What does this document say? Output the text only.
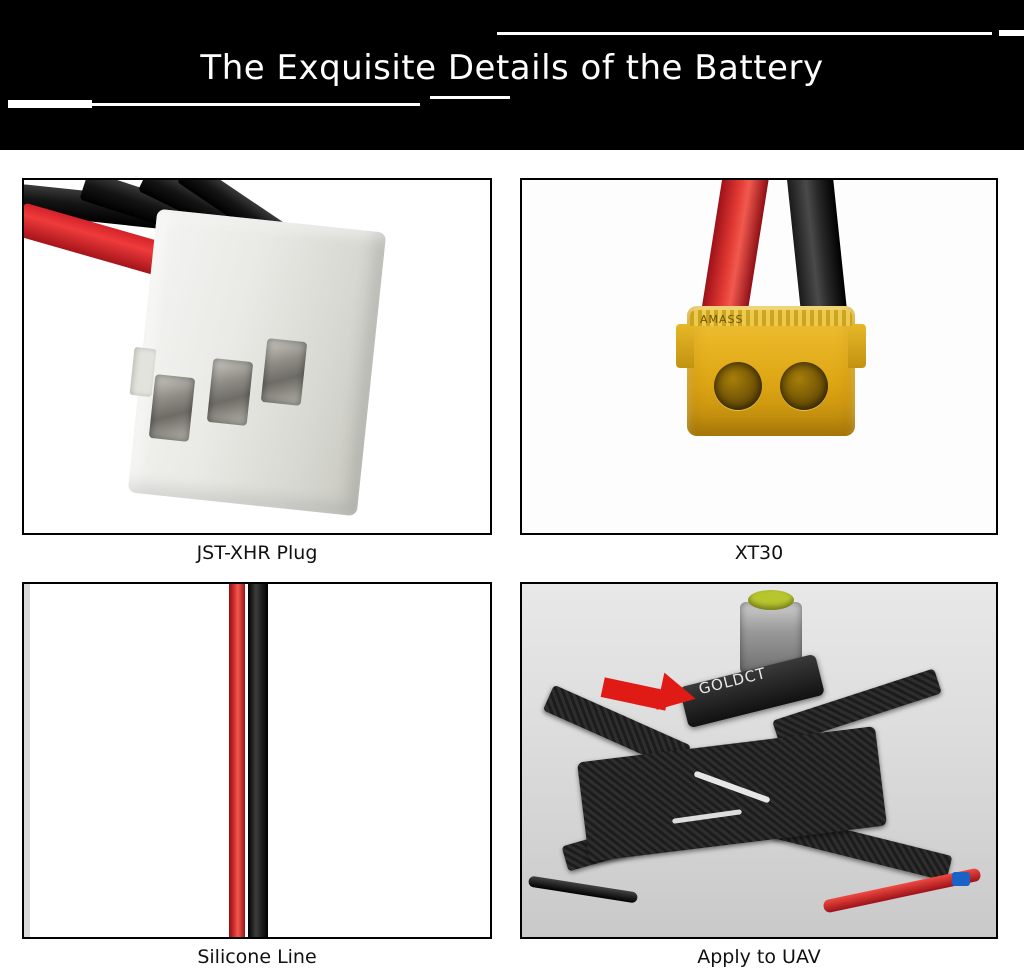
The Exquisite Details of the Battery
JST-XHR Plug
AMASS
XT30
Silicone Line
GOLDCT
Apply to UAV
